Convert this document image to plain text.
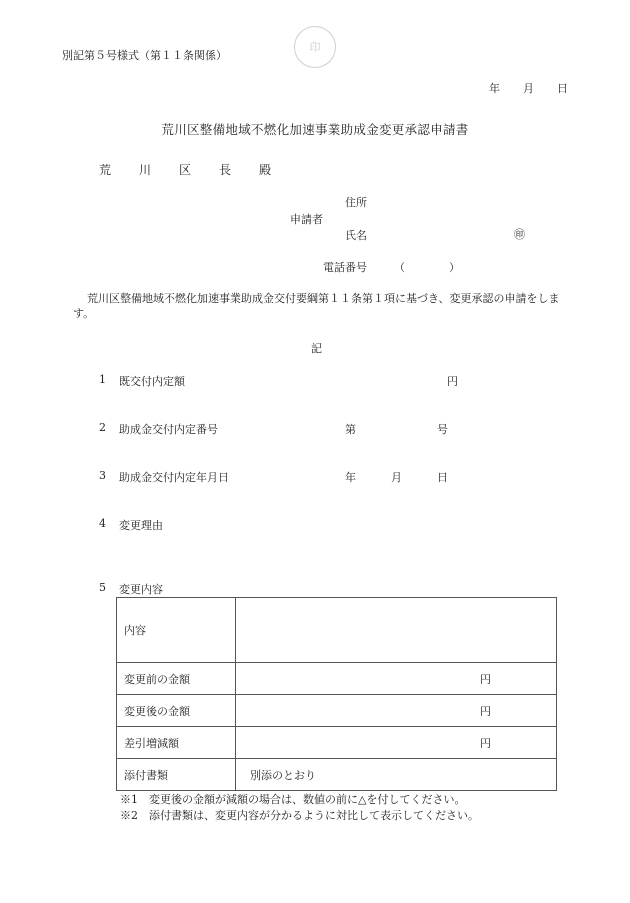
別記第５号様式（第１１条関係）
印
年 月 日
荒川区整備地域不燃化加速事業助成金変更承認申請書
荒 川 区 長 殿
住所
申請者
氏名	㊞
電話番号 （　　　　）
荒川区整備地域不燃化加速事業助成金交付要綱第１１条第１項に基づき、変更承認の申請をします。
記
1 既交付内定額	円
2 助成金交付内定番号	第	号
3 助成金交付内定年月日	年	月	日
4 変更理由
5 変更内容
内容	
変更前の金額	円

変更後の金額	円

差引増減額	円

添付書類	別添のとおり
※1　変更後の金額が減額の場合は、数値の前に△を付してください。
※2　添付書類は、変更内容が分かるように対比して表示してください。
